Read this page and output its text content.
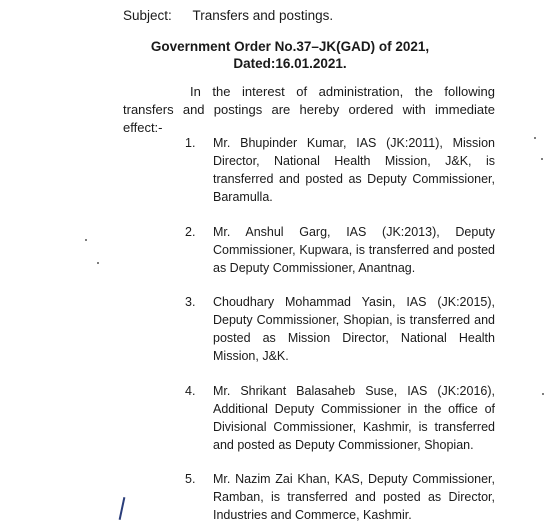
Subject: Transfers and postings.
Government Order No.37–JK(GAD) of 2021,
Dated:16.01.2021.
In the interest of administration, the following
transfers and postings are hereby ordered with immediate effect:-
1. Mr. Bhupinder Kumar, IAS (JK:2011), Mission Director, National Health Mission, J&K, is transferred and posted as Deputy Commissioner, Baramulla.
2. Mr. Anshul Garg, IAS (JK:2013), Deputy Commissioner, Kupwara, is transferred and posted as Deputy Commissioner, Anantnag.
3. Choudhary Mohammad Yasin, IAS (JK:2015), Deputy Commissioner, Shopian, is transferred and posted as Mission Director, National Health Mission, J&K.
4. Mr. Shrikant Balasaheb Suse, IAS (JK:2016), Additional Deputy Commissioner in the office of Divisional Commissioner, Kashmir, is transferred and posted as Deputy Commissioner, Shopian.
5. Mr. Nazim Zai Khan, KAS, Deputy Commissioner, Ramban, is transferred and posted as Director, Industries and Commerce, Kashmir.
